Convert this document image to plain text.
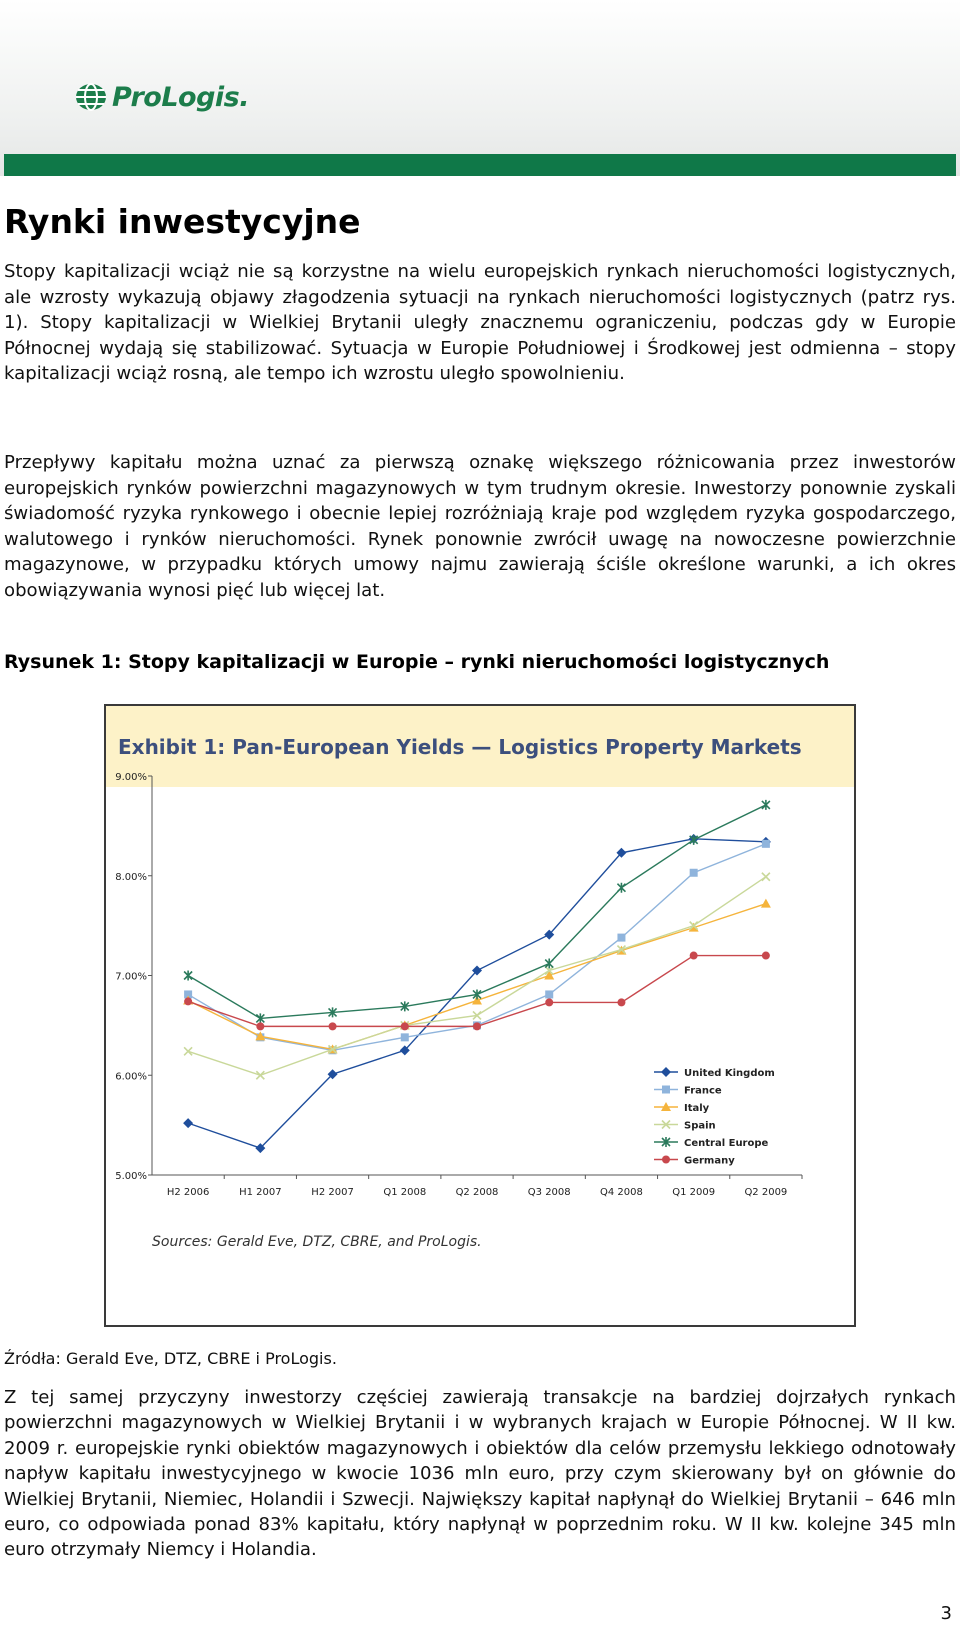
ProLogis.
Rynki inwestycyjne

Stopy kapitalizacji wciąż nie są korzystne na wielu europejskich rynkach nieruchomości logistycznych, ale wzrosty wykazują objawy złagodzenia sytuacji na rynkach nieruchomości logistycznych (patrz rys. 1). Stopy kapitalizacji w Wielkiej Brytanii uległy znacznemu ograniczeniu, podczas gdy w Europie Północnej wydają się stabilizować. Sytuacja w Europie Południowej i Środkowej jest odmienna – stopy kapitalizacji wciąż rosną, ale tempo ich wzrostu uległo spowolnieniu.

Przepływy kapitału można uznać za pierwszą oznakę większego różnicowania przez inwestorów europejskich rynków powierzchni magazynowych w tym trudnym okresie. Inwestorzy ponownie zyskali świadomość ryzyka rynkowego i obecnie lepiej rozróżniają kraje pod względem ryzyka gospodarczego, walutowego i rynków nieruchomości. Rynek ponownie zwrócił uwagę na nowoczesne powierzchnie magazynowe, w przypadku których umowy najmu zawierają ściśle określone warunki, a ich okres obowiązywania wynosi pięć lub więcej lat.

Rysunek 1: Stopy kapitalizacji w Europie – rynki nieruchomości logistycznych

Exhibit 1: Pan-European Yields — Logistics Property Markets
5.00%
6.00%
7.00%
8.00%
9.00%
H2 2006	H1 2007	H2 2007	Q1 2008	Q2 2008	Q3 2008	Q4 2008	Q1 2009	Q2 2009
United Kingdom
France
Italy
Spain
Central Europe
Germany
Sources: Gerald Eve, DTZ, CBRE, and ProLogis.

Źródła: Gerald Eve, DTZ, CBRE i ProLogis.

Z tej samej przyczyny inwestorzy częściej zawierają transakcje na bardziej dojrzałych rynkach powierzchni magazynowych w Wielkiej Brytanii i w wybranych krajach w Europie Północnej. W II kw. 2009 r. europejskie rynki obiektów magazynowych i obiektów dla celów przemysłu lekkiego odnotowały napływ kapitału inwestycyjnego w kwocie 1036 mln euro, przy czym skierowany był on głównie do Wielkiej Brytanii, Niemiec, Holandii i Szwecji. Największy kapitał napłynął do Wielkiej Brytanii – 646 mln euro, co odpowiada ponad 83% kapitału, który napłynął w poprzednim roku. W II kw. kolejne 345 mln euro otrzymały Niemcy i Holandia.

3
